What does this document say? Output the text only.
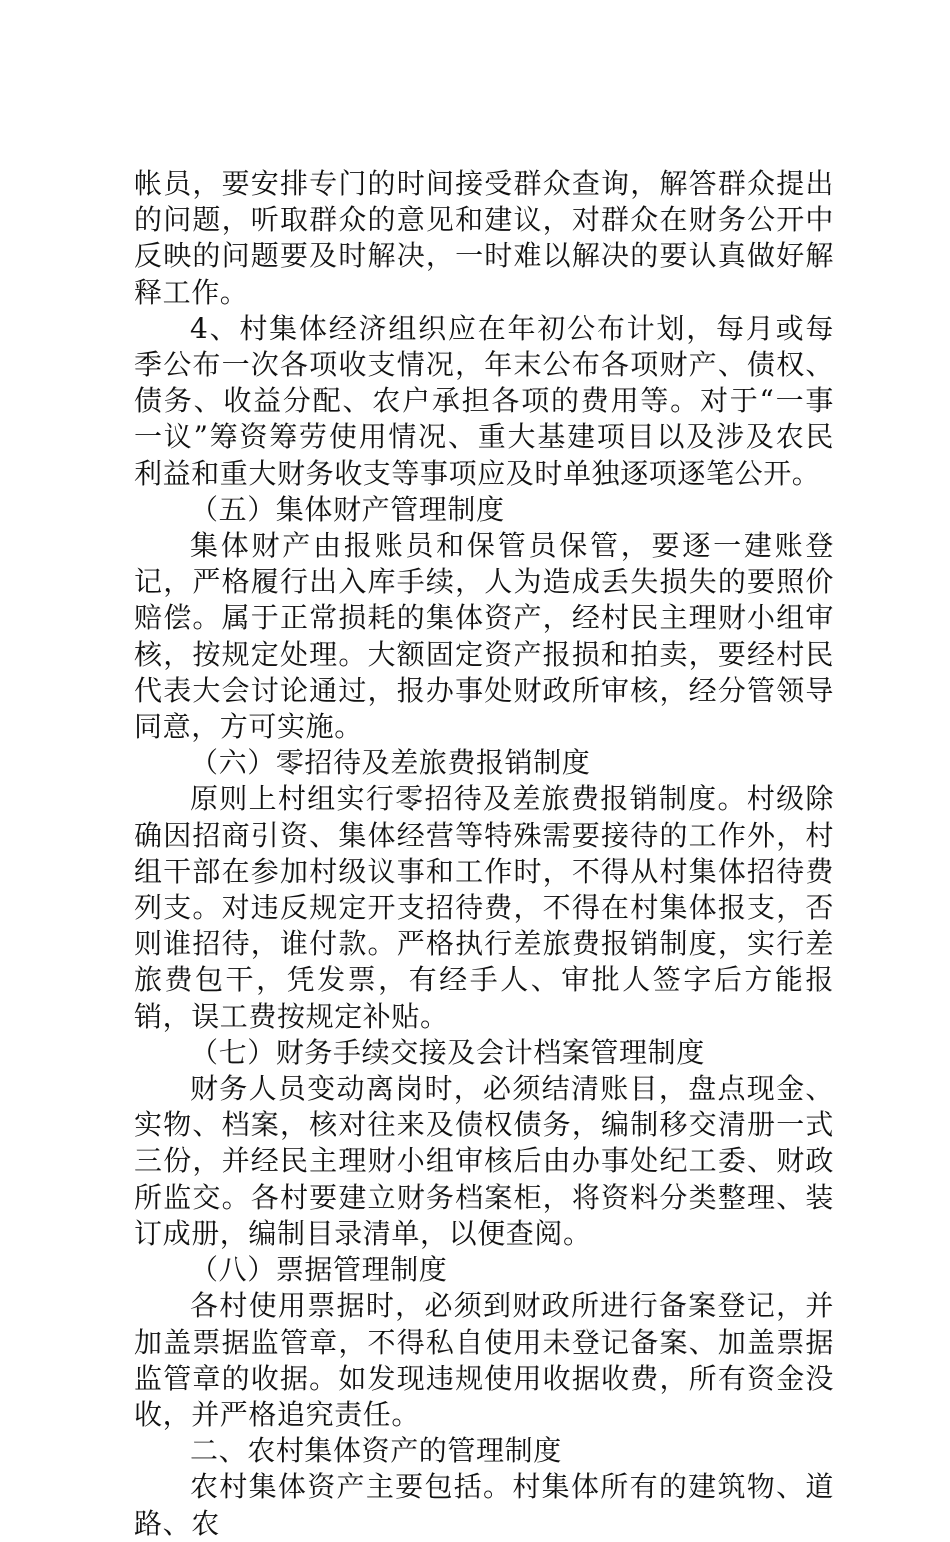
帐员，要安排专门的时间接受群众查询，解答群众提出的问题，听取群众的意见和建议，对群众在财务公开中反映的问题要及时解决，一时难以解决的要认真做好解释工作。

4、村集体经济组织应在年初公布计划，每月或每季公布一次各项收支情况，年末公布各项财产、债权、债务、收益分配、农户承担各项的费用等。对于“一事一议”筹资筹劳使用情况、重大基建项目以及涉及农民利益和重大财务收支等事项应及时单独逐项逐笔公开。

（五）集体财产管理制度

集体财产由报账员和保管员保管，要逐一建账登记，严格履行出入库手续，人为造成丢失损失的要照价赔偿。属于正常损耗的集体资产，经村民主理财小组审核，按规定处理。大额固定资产报损和拍卖，要经村民代表大会讨论通过，报办事处财政所审核，经分管领导同意，方可实施。

（六）零招待及差旅费报销制度

原则上村组实行零招待及差旅费报销制度。村级除确因招商引资、集体经营等特殊需要接待的工作外，村组干部在参加村级议事和工作时，不得从村集体招待费列支。对违反规定开支招待费，不得在村集体报支，否则谁招待，谁付款。严格执行差旅费报销制度，实行差旅费包干，凭发票，有经手人、审批人签字后方能报销，误工费按规定补贴。

（七）财务手续交接及会计档案管理制度

财务人员变动离岗时，必须结清账目，盘点现金、实物、档案，核对往来及债权债务，编制移交清册一式三份，并经民主理财小组审核后由办事处纪工委、财政所监交。各村要建立财务档案柜，将资料分类整理、装订成册，编制目录清单，以便查阅。

（八）票据管理制度

各村使用票据时，必须到财政所进行备案登记，并加盖票据监管章，不得私自使用未登记备案、加盖票据监管章的收据。如发现违规使用收据收费，所有资金没收，并严格追究责任。

二、农村集体资产的管理制度

农村集体资产主要包括。村集体所有的建筑物、道路、农
